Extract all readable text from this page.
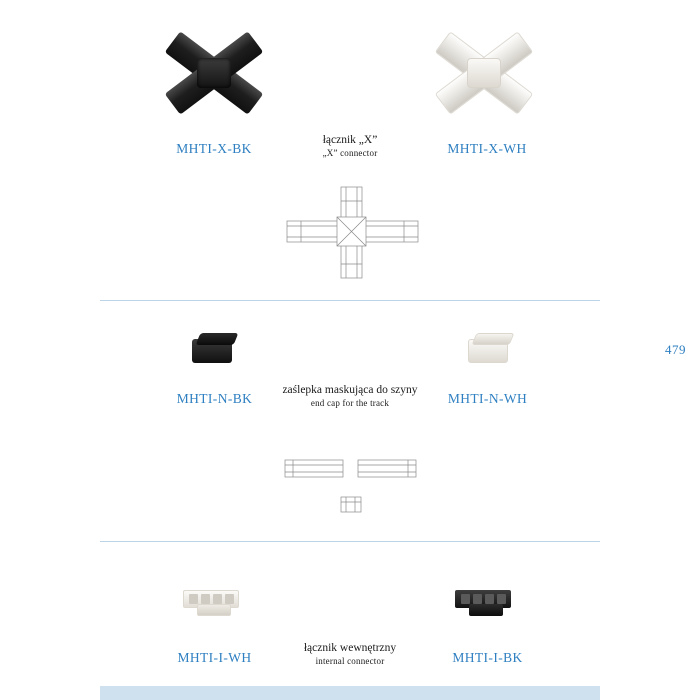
MHTI-X-BK	MHTI-X-WH
łącznik „X”
„X” connector
479
MHTI-N-BK	MHTI-N-WH
zaślepka maskująca do szyny
end cap for the track
MHTI-I-WH	MHTI-I-BK
łącznik wewnętrzny
internal connector
